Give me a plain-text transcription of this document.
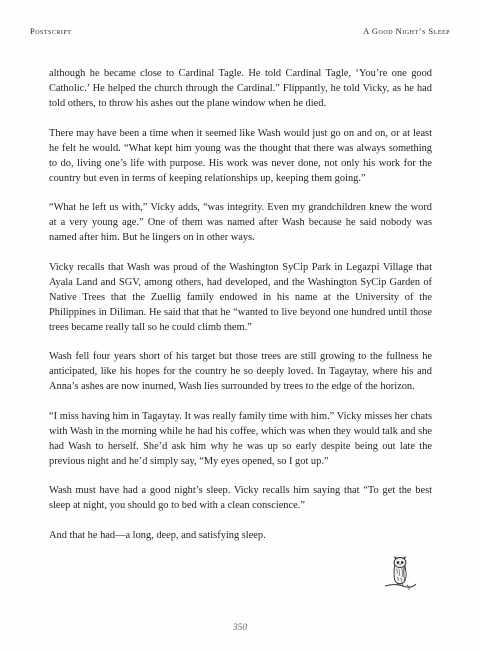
Postscript	A Good Night’s Sleep

although he became close to Cardinal Tagle. He told Cardinal Tagle, ‘You’re one good Catholic.’ He helped the church through the Cardinal.” Flippantly, he told Vicky, as he had told others, to throw his ashes out the plane window when he died.

There may have been a time when it seemed like Wash would just go on and on, or at least he felt he would. “What kept him young was the thought that there was always something to do, living one’s life with purpose. His work was never done, not only his work for the country but even in terms of keeping relationships up, keeping them going.”

“What he left us with,” Vicky adds, “was integrity. Even my grandchildren knew the word at a very young age.” One of them was named after Wash because he said nobody was named after him. But he lingers on in other ways.

Vicky recalls that Wash was proud of the Washington SyCip Park in Legazpi Village that Ayala Land and SGV, among others, had developed, and the Washington SyCip Garden of Native Trees that the Zuellig family endowed in his name at the University of the Philippines in Diliman. He said that that he “wanted to live beyond one hundred until those trees became really tall so he could climb them.”

Wash fell four years short of his target but those trees are still growing to the fullness he anticipated, like his hopes for the country he so deeply loved. In Tagaytay, where his and Anna’s ashes are now inurned, Wash lies surrounded by trees to the edge of the horizon.

“I miss having him in Tagaytay. It was really family time with him.” Vicky misses her chats with Wash in the morning while he had his coffee, which was when they would talk and she had Wash to herself. She’d ask him why he was up so early despite being out late the previous night and he’d simply say, “My eyes opened, so I got up.”

Wash must have had a good night’s sleep. Vicky recalls him saying that “To get the best sleep at night, you should go to bed with a clean conscience.”

And that he had—a long, deep, and satisfying sleep.

350
